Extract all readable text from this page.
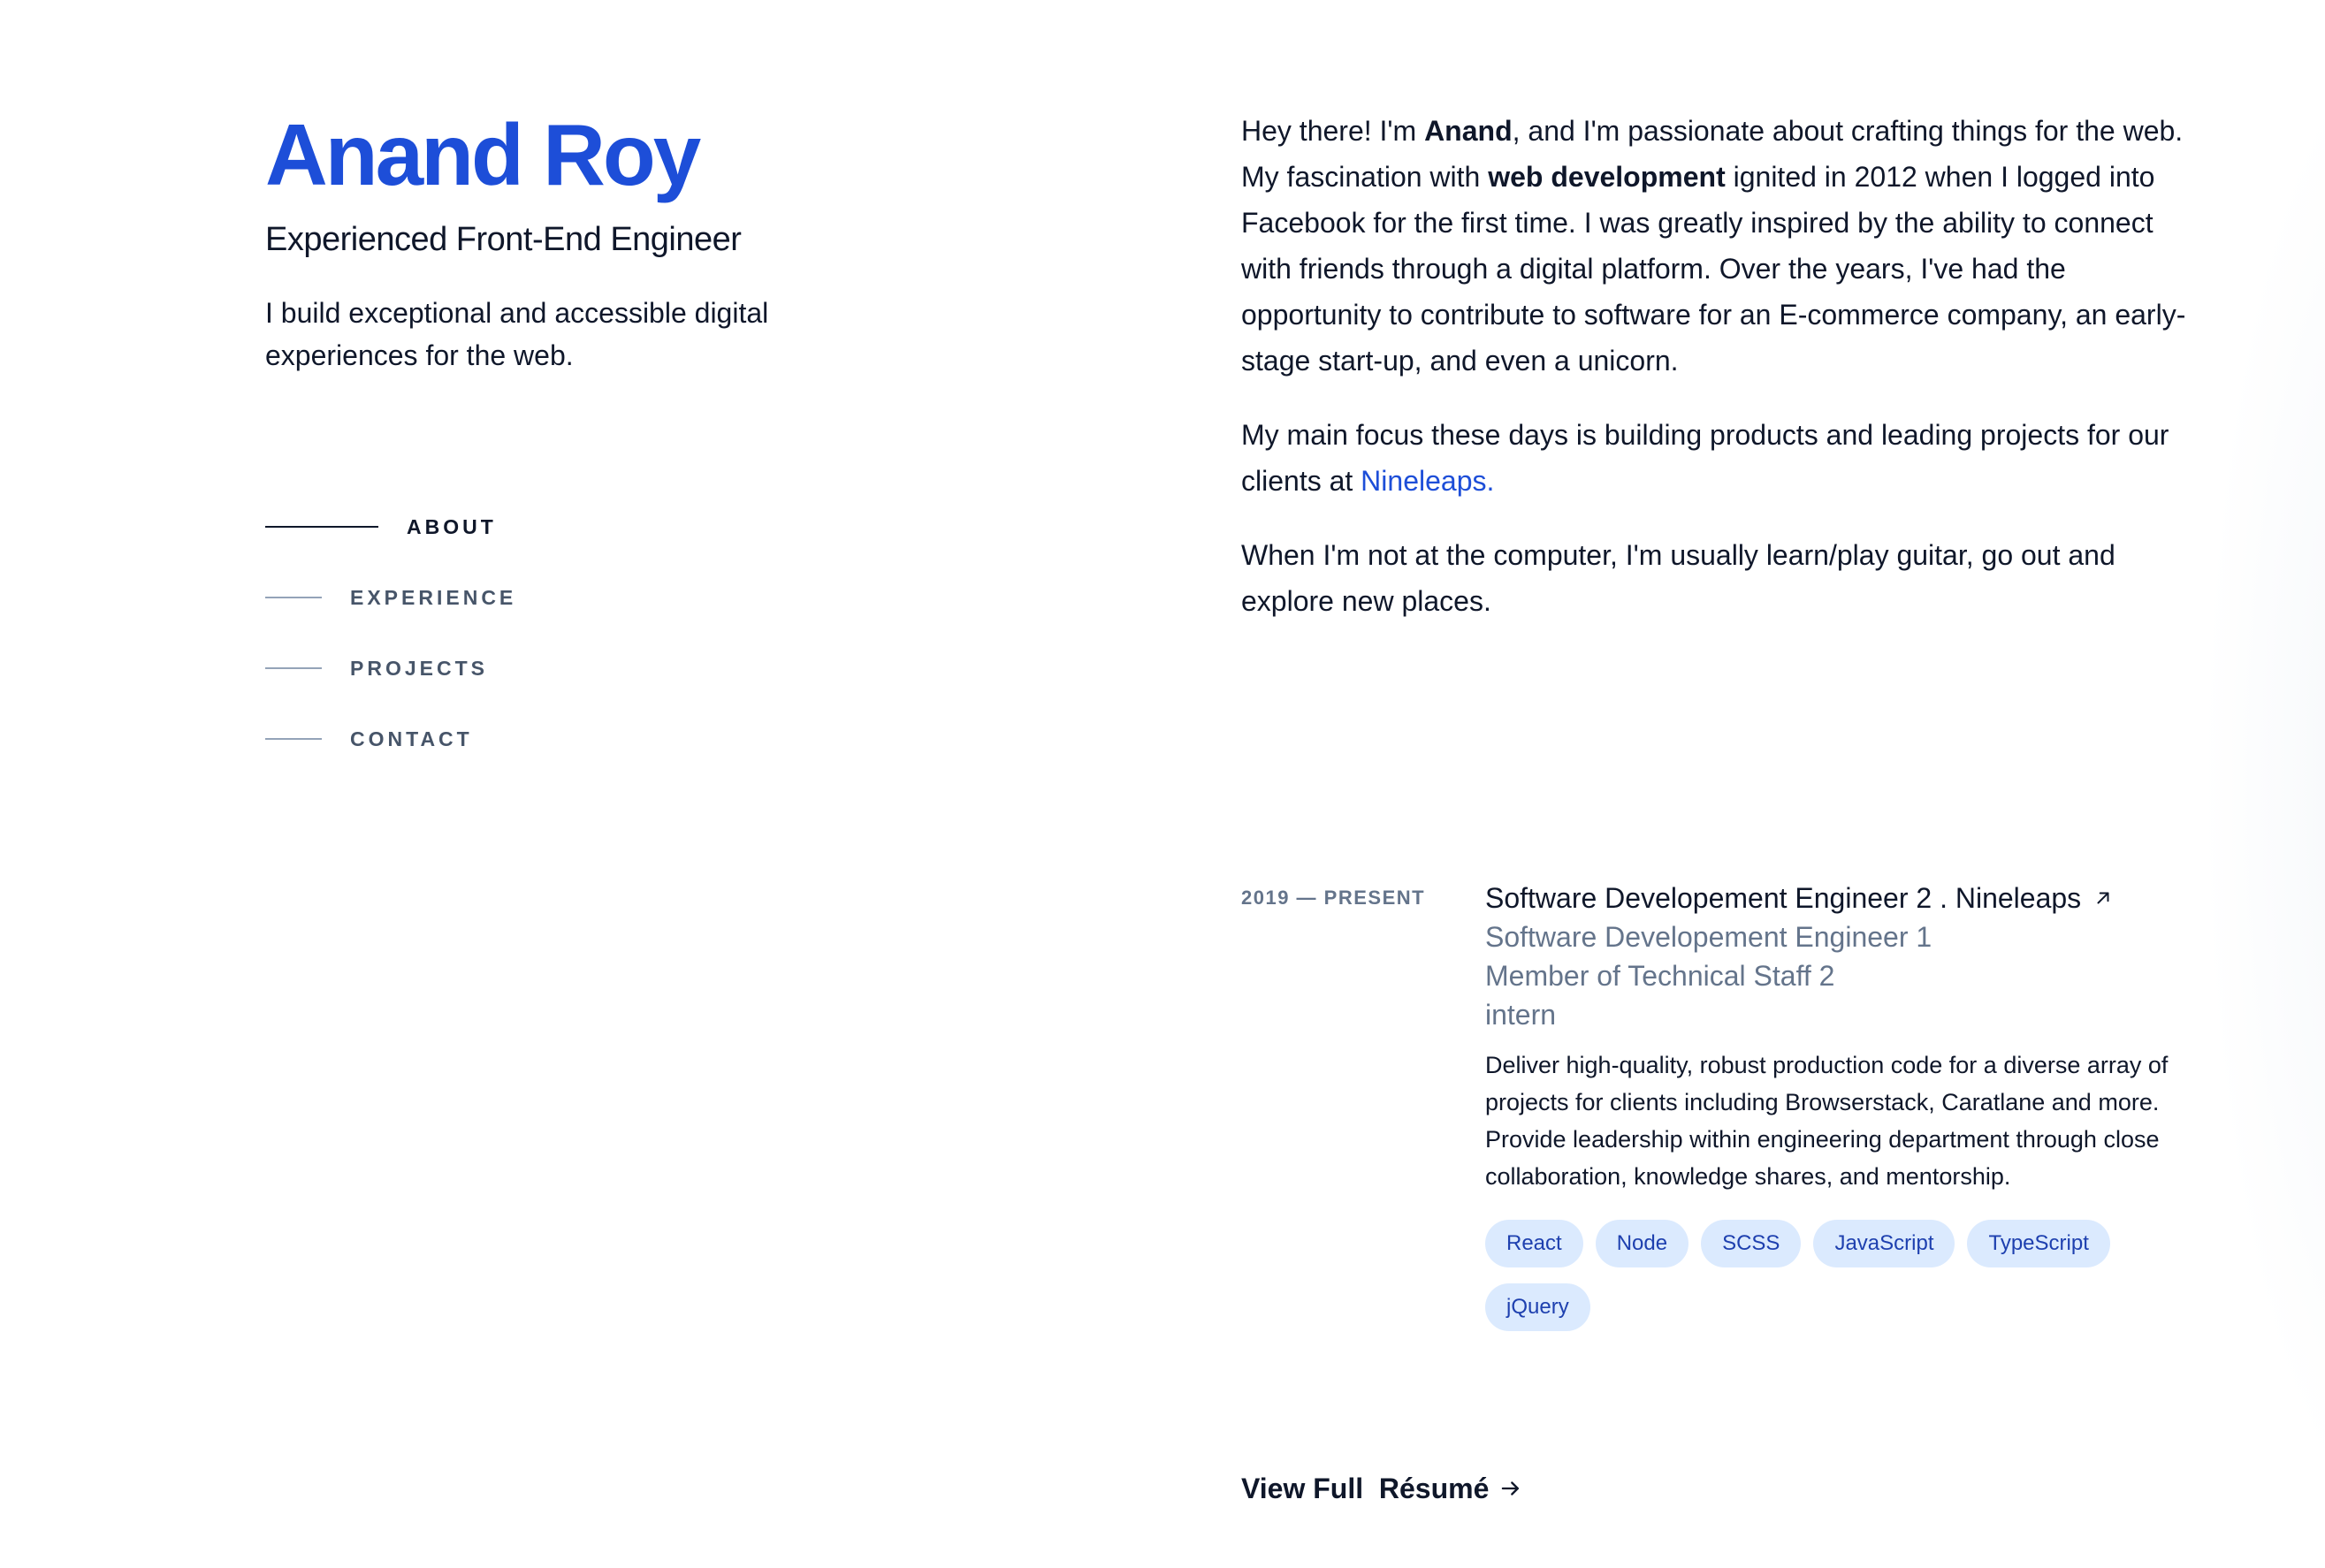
Anand Roy
Experienced Front-End Engineer

I build exceptional and accessible digital experiences for the web.

ABOUT
EXPERIENCE
PROJECTS
CONTACT

Hey there! I'm Anand, and I'm passionate about crafting things for the web. My fascination with web development ignited in 2012 when I logged into Facebook for the first time. I was greatly inspired by the ability to connect with friends through a digital platform. Over the years, I've had the opportunity to contribute to software for an E-commerce company, an early-stage start-up, and even a unicorn.

My main focus these days is building products and leading projects for our clients at Nineleaps.

When I'm not at the computer, I'm usually learn/play guitar, go out and explore new places.

2019 — PRESENT	Software Developement Engineer 2 . Nineleaps
Software Developement Engineer 1
Member of Technical Staff 2
intern

Deliver high-quality, robust production code for a diverse array of projects for clients including Browserstack, Caratlane and more. Provide leadership within engineering department through close collaboration, knowledge shares, and mentorship.

React	Node	SCSS	JavaScript	TypeScript
jQuery
View Full  Résumé
